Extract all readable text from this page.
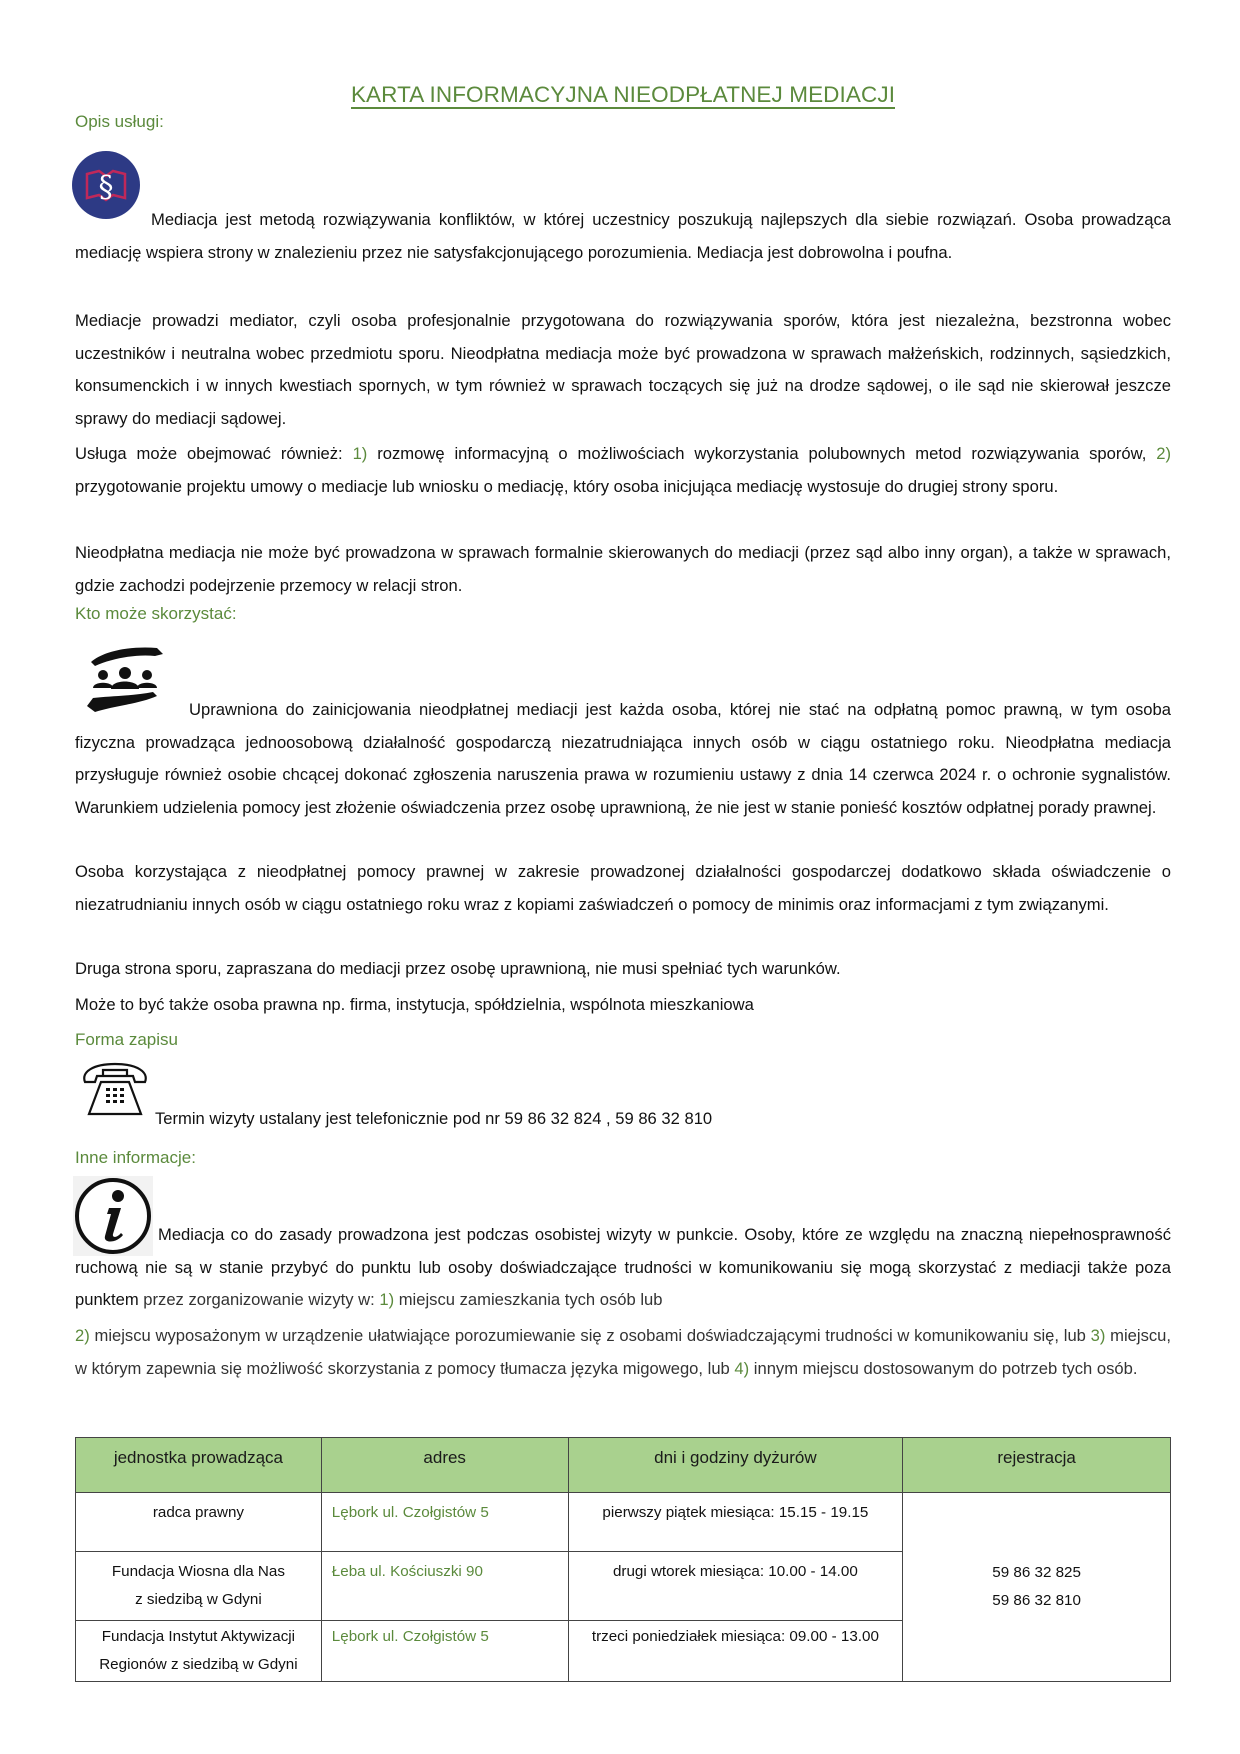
KARTA INFORMACYJNA NIEODPŁATNEJ MEDIACJI
Opis usługi:
§
Mediacja jest metodą rozwiązywania konfliktów, w której uczestnicy poszukują najlepszych dla siebie rozwiązań. Osoba prowadząca mediację wspiera strony w znalezieniu przez nie satysfakcjonującego porozumienia. Mediacja jest dobrowolna i poufna.
Mediacje prowadzi mediator, czyli osoba profesjonalnie przygotowana do rozwiązywania sporów, która jest niezależna, bezstronna wobec uczestników i neutralna wobec przedmiotu sporu. Nieodpłatna mediacja może być prowadzona w sprawach małżeńskich, rodzinnych, sąsiedzkich, konsumenckich i w innych kwestiach spornych, w tym również w sprawach toczących się już na drodze sądowej, o ile sąd nie skierował jeszcze sprawy do mediacji sądowej.
Usługa może obejmować również: 1) rozmowę informacyjną o możliwościach wykorzystania polubownych metod rozwiązywania sporów, 2) przygotowanie projektu umowy o mediacje lub wniosku o mediację, który osoba inicjująca mediację wystosuje do drugiej strony sporu.
Nieodpłatna mediacja nie może być prowadzona w sprawach formalnie skierowanych do mediacji (przez sąd albo inny organ), a także w sprawach, gdzie zachodzi podejrzenie przemocy w relacji stron.
Kto może skorzystać:
Uprawniona do zainicjowania nieodpłatnej mediacji jest każda osoba, której nie stać na odpłatną pomoc prawną, w tym osoba fizyczna prowadząca jednoosobową działalność gospodarczą niezatrudniająca innych osób w ciągu ostatniego roku. Nieodpłatna mediacja przysługuje również osobie chcącej dokonać zgłoszenia naruszenia prawa w rozumieniu ustawy z dnia 14 czerwca 2024 r. o ochronie sygnalistów. Warunkiem udzielenia pomocy jest złożenie oświadczenia przez osobę uprawnioną, że nie jest w stanie ponieść kosztów odpłatnej porady prawnej.
Osoba korzystająca z nieodpłatnej pomocy prawnej w zakresie prowadzonej działalności gospodarczej dodatkowo składa oświadczenie o niezatrudnianiu innych osób w ciągu ostatniego roku wraz z kopiami zaświadczeń o pomocy de minimis oraz informacjami z tym związanymi.
Druga strona sporu, zapraszana do mediacji przez osobę uprawnioną, nie musi spełniać tych warunków.
Może to być także osoba prawna np. firma, instytucja, spółdzielnia, wspólnota mieszkaniowa
Forma zapisu
Termin wizyty ustalany jest telefonicznie pod nr 59 86 32 824 , 59 86 32 810
Inne informacje:
Mediacja co do zasady prowadzona jest podczas osobistej wizyty w punkcie. Osoby, które ze względu na znaczną niepełnosprawność ruchową nie są w stanie przybyć do punktu lub osoby doświadczające trudności w komunikowaniu się mogą skorzystać z mediacji także poza punktem przez zorganizowanie wizyty w: 1) miejscu zamieszkania tych osób lub
2) miejscu wyposażonym w urządzenie ułatwiające porozumiewanie się z osobami doświadczającymi trudności w komunikowaniu się, lub 3) miejscu, w którym zapewnia się możliwość skorzystania z pomocy tłumacza języka migowego, lub 4) innym miejscu dostosowanym do potrzeb tych osób.
jednostka prowadząca	adres	dni i godziny dyżurów	rejestracja

radca prawny	Lębork ul. Czołgistów 5	pierwszy piątek miesiąca: 15.15 - 19.15	59 86 32 825
59 86 32 810

Fundacja Wiosna dla Nas
z siedzibą w Gdyni	Łeba ul. Kościuszki 90	drugi wtorek miesiąca: 10.00 - 14.00	

Fundacja Instytut Aktywizacji
Regionów z siedzibą w Gdyni	Lębork ul. Czołgistów 5	trzeci poniedziałek miesiąca: 09.00 - 13.00	
